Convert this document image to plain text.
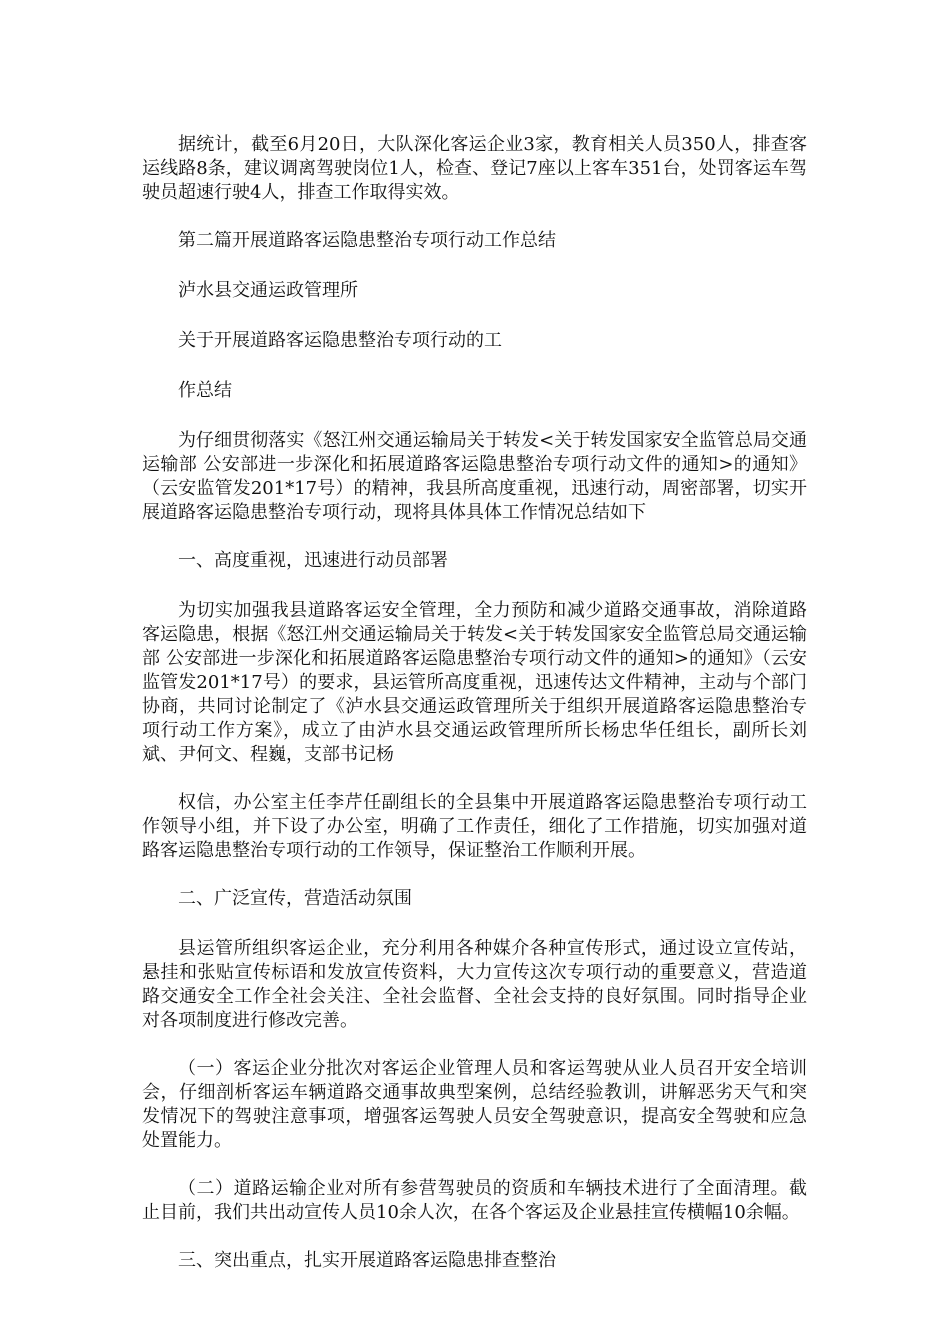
据统计，截至6月20日，大队深化客运企业3家，教育相关人员350人，排查客运线路8条，建议调离驾驶岗位1人，检查、登记7座以上客车351台，处罚客运车驾驶员超速行驶4人，排查工作取得实效。

第二篇开展道路客运隐患整治专项行动工作总结

泸水县交通运政管理所

关于开展道路客运隐患整治专项行动的工

作总结

为仔细贯彻落实《怒江州交通运输局关于转发<关于转发国家安全监管总局交通运输部 公安部进一步深化和拓展道路客运隐患整治专项行动文件的通知>的通知》（云安监管发201*17号）的精神，我县所高度重视，迅速行动，周密部署，切实开展道路客运隐患整治专项行动，现将具体具体工作情况总结如下

一、高度重视，迅速进行动员部署

为切实加强我县道路客运安全管理，全力预防和减少道路交通事故，消除道路客运隐患，根据《怒江州交通运输局关于转发<关于转发国家安全监管总局交通运输部 公安部进一步深化和拓展道路客运隐患整治专项行动文件的通知>的通知》（云安监管发201*17号）的要求，县运管所高度重视，迅速传达文件精神，主动与个部门协商，共同讨论制定了《泸水县交通运政管理所关于组织开展道路客运隐患整治专项行动工作方案》，成立了由泸水县交通运政管理所所长杨忠华任组长，副所长刘斌、尹何文、程巍，支部书记杨

权信，办公室主任李芹任副组长的全县集中开展道路客运隐患整治专项行动工作领导小组，并下设了办公室，明确了工作责任，细化了工作措施，切实加强对道路客运隐患整治专项行动的工作领导，保证整治工作顺利开展。

二、广泛宣传，营造活动氛围

县运管所组织客运企业，充分利用各种媒介各种宣传形式，通过设立宣传站，悬挂和张贴宣传标语和发放宣传资料，大力宣传这次专项行动的重要意义，营造道路交通安全工作全社会关注、全社会监督、全社会支持的良好氛围。同时指导企业对各项制度进行修改完善。

（一）客运企业分批次对客运企业管理人员和客运驾驶从业人员召开安全培训会，仔细剖析客运车辆道路交通事故典型案例，总结经验教训，讲解恶劣天气和突发情况下的驾驶注意事项，增强客运驾驶人员安全驾驶意识，提高安全驾驶和应急处置能力。

（二）道路运输企业对所有参营驾驶员的资质和车辆技术进行了全面清理。截止目前，我们共出动宣传人员10余人次，在各个客运及企业悬挂宣传横幅10余幅。

三、突出重点，扎实开展道路客运隐患排查整治
